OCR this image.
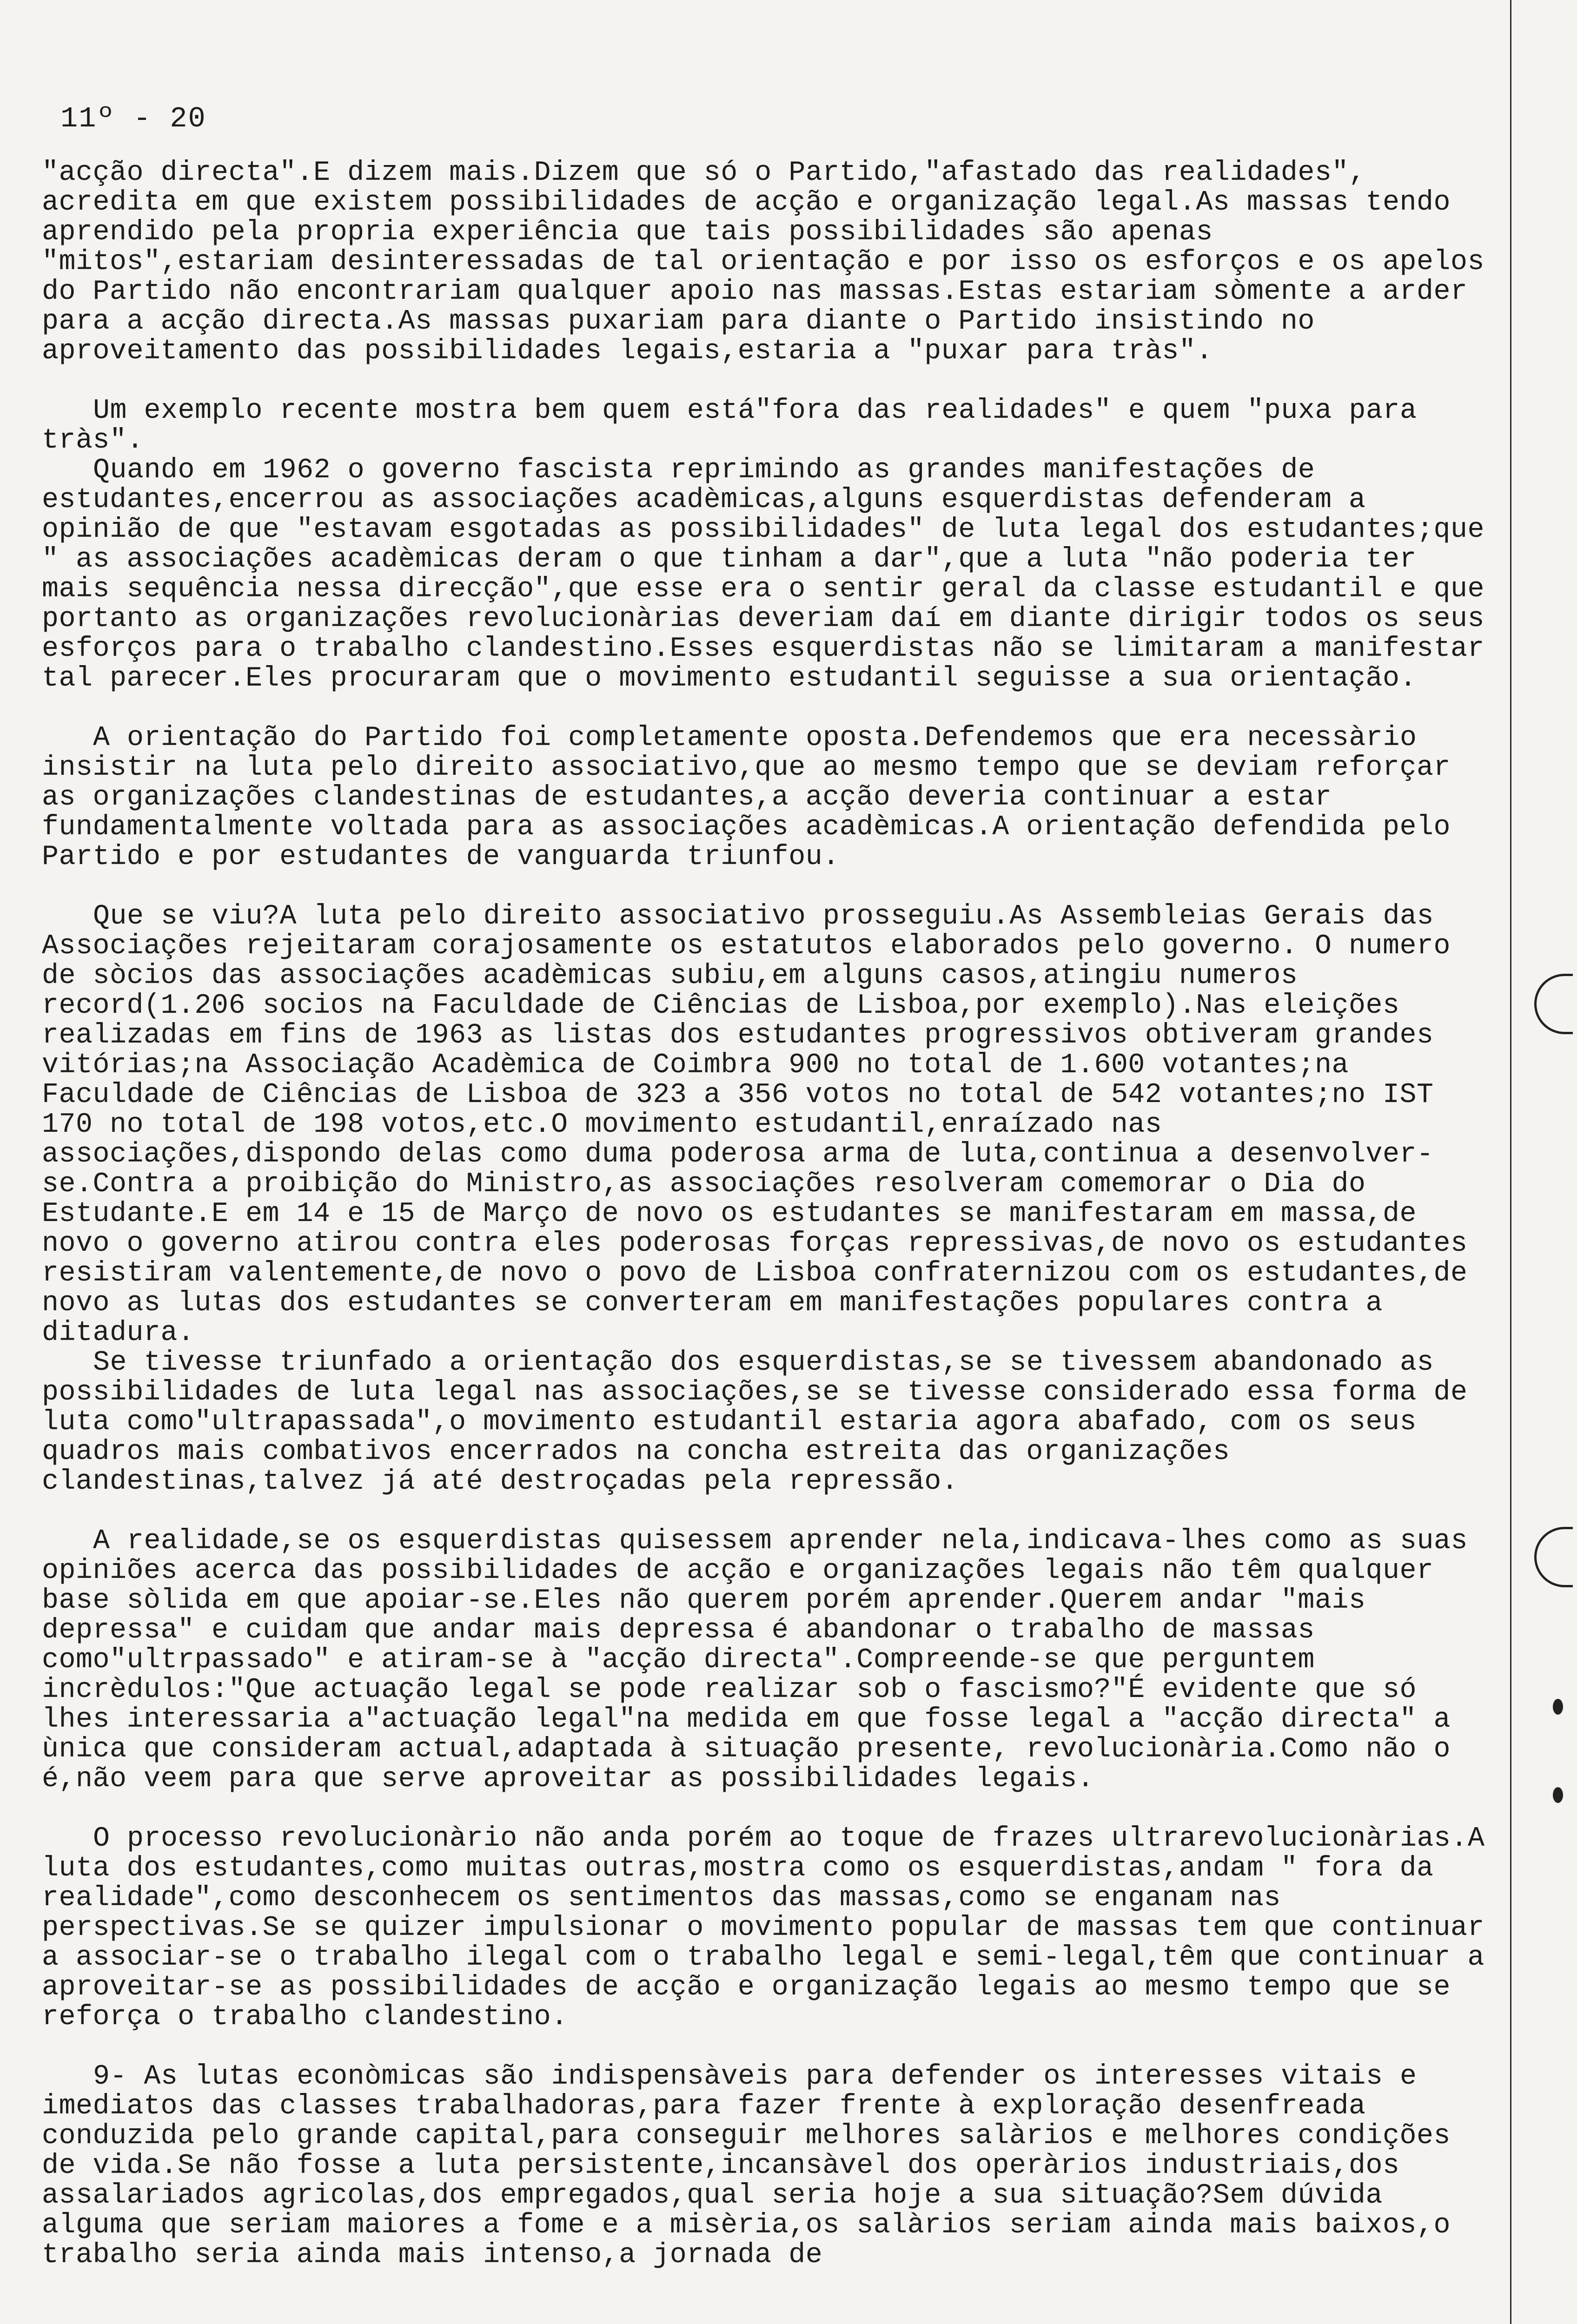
11º - 20

"acção directa".E dizem mais.Dizem que só o Partido,"afastado das realidades", acredita em que existem possibilidades de acção e organização legal.As massas tendo aprendido pela propria experiência que tais possibilidades são apenas "mitos",estariam desinteressadas de tal orientação e por isso os esforços e os apelos do Partido não encontrariam qualquer apoio nas massas.Estas estariam sòmente a arder para a acção directa.As massas puxariam para diante o Partido insistindo no aproveitamento das possibilidades legais,estaria a "puxar para tràs".

Um exemplo recente mostra bem quem está"fora das realidades" e quem "puxa para tràs".

Quando em 1962 o governo fascista reprimindo as grandes manifestações de estudantes,encerrou as associações acadèmicas,alguns esquerdistas defenderam a opinião de que "estavam esgotadas as possibilidades" de luta legal dos estudantes;que " as associações acadèmicas deram o que tinham a dar",que a luta "não poderia ter mais sequência nessa direcção",que esse era o sentir geral da classe estudantil e que portanto as organizações revolucionàrias deveriam daí em diante dirigir todos os seus esforços para o trabalho clandestino.Esses esquerdistas não se limitaram a manifestar tal parecer.Eles procuraram que o movimento estudantil seguisse a sua orientação.

A orientação do Partido foi completamente oposta.Defendemos que era necessàrio insistir na luta pelo direito associativo,que ao mesmo tempo que se deviam reforçar as organizações clandestinas de estudantes,a acção deveria continuar a estar fundamentalmente voltada para as associações acadèmicas.A orientação defendida pelo Partido e por estudantes de vanguarda triunfou.

Que se viu?A luta pelo direito associativo prosseguiu.As Assembleias Gerais das Associações rejeitaram corajosamente os estatutos elaborados pelo governo. O numero de sòcios das associações acadèmicas subiu,em alguns casos,atingiu numeros record(1.206 socios na Faculdade de Ciências de Lisboa,por exemplo).Nas eleições realizadas em fins de 1963 as listas dos estudantes progressivos obtiveram grandes vitórias;na Associação Acadèmica de Coimbra 900 no total de 1.600 votantes;na Faculdade de Ciências de Lisboa de 323 a 356 votos no total de 542 votantes;no IST 170 no total de 198 votos,etc.O movimento estudantil,enraízado nas associações,dispondo delas como duma poderosa arma de luta,continua a desenvolver-se.Contra a proibição do Ministro,as associações resolveram comemorar o Dia do Estudante.E em 14 e 15 de Março de novo os estudantes se manifestaram em massa,de novo o governo atirou contra eles poderosas forças repressivas,de novo os estudantes resistiram valentemente,de novo o povo de Lisboa confraternizou com os estudantes,de novo as lutas dos estudantes se converteram em manifestações populares contra a ditadura.

Se tivesse triunfado a orientação dos esquerdistas,se se tivessem abandonado as possibilidades de luta legal nas associações,se se tivesse considerado essa forma de luta como"ultrapassada",o movimento estudantil estaria agora abafado, com os seus quadros mais combativos encerrados na concha estreita das organizações clandestinas,talvez já até destroçadas pela repressão.

A realidade,se os esquerdistas quisessem aprender nela,indicava-lhes como as suas opiniões acerca das possibilidades de acção e organizações legais não têm qualquer base sòlida em que apoiar-se.Eles não querem porém aprender.Querem andar "mais depressa" e cuidam que andar mais depressa é abandonar o trabalho de massas como"ultrpassado" e atiram-se à "acção directa".Compreende-se que perguntem incrèdulos:"Que actuação legal se pode realizar sob o fascismo?"É evidente que só lhes interessaria a"actuação legal"na medida em que fosse legal a "acção directa" a ùnica que consideram actual,adaptada à situação presente, revolucionària.Como não o é,não veem para que serve aproveitar as possibilidades legais.

O processo revolucionàrio não anda porém ao toque de frazes ultrarevolucionàrias.A luta dos estudantes,como muitas outras,mostra como os esquerdistas,andam " fora da realidade",como desconhecem os sentimentos das massas,como se enganam nas perspectivas.Se se quizer impulsionar o movimento popular de massas tem que continuar a associar-se o trabalho ilegal com o trabalho legal e semi-legal,têm que continuar a aproveitar-se as possibilidades de acção e organização legais ao mesmo tempo que se reforça o trabalho clandestino.

9- As lutas econòmicas são indispensàveis para defender os interesses vitais e imediatos das classes trabalhadoras,para fazer frente à exploração desenfreada conduzida pelo grande capital,para conseguir melhores salàrios e melhores condições de vida.Se não fosse a luta persistente,incansàvel dos operàrios industriais,dos assalariados agricolas,dos empregados,qual seria hoje a sua situação?Sem dúvida alguma que seriam maiores a fome e a misèria,os salàrios seriam ainda mais baixos,o trabalho seria ainda mais intenso,a jornada de
